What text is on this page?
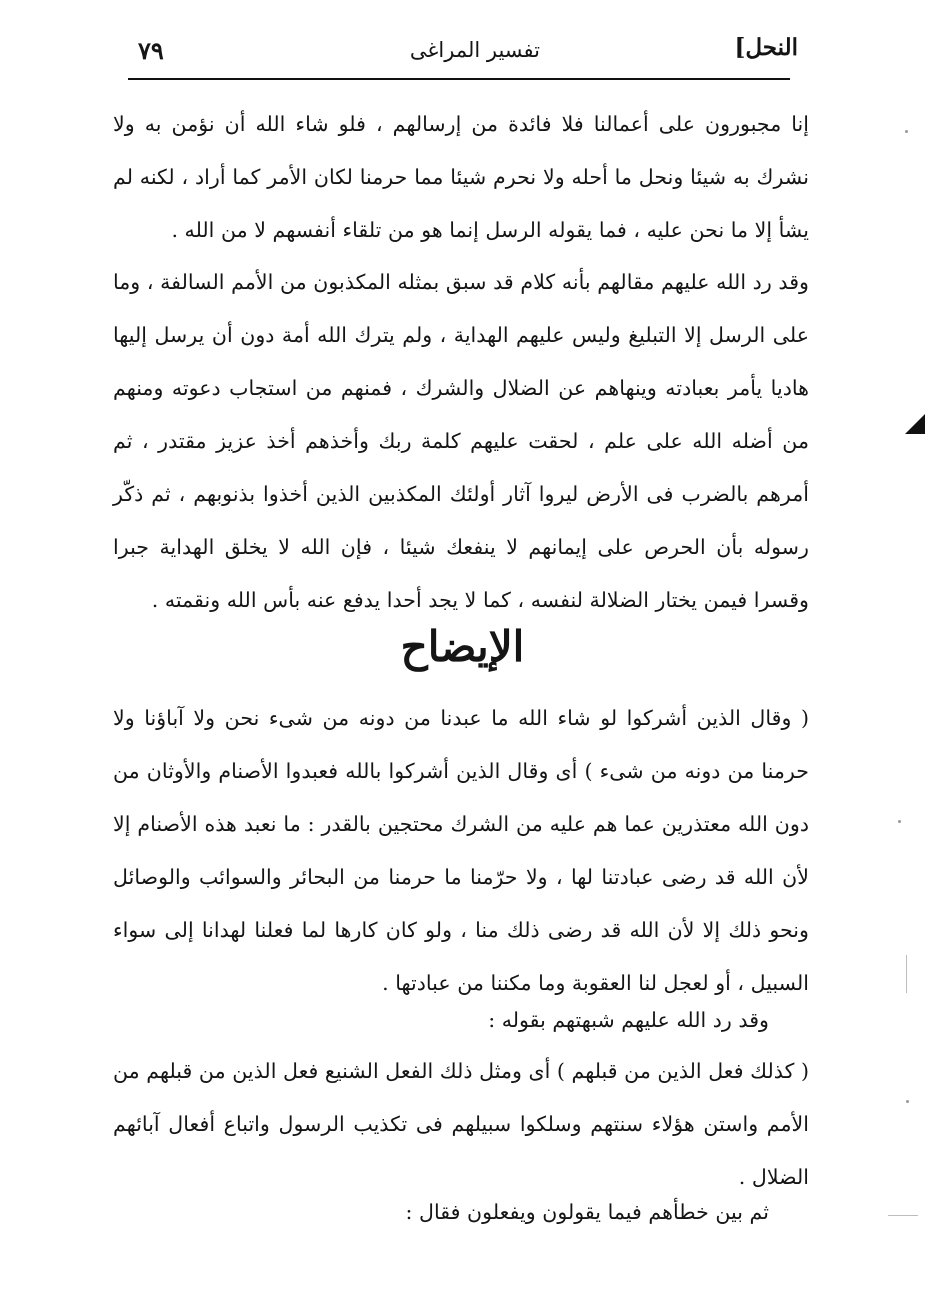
النحل]
تفسير المراغى
٧٩
إنا مجبورون على أعمالنا فلا فائدة من إرسالهم ، فلو شاء الله أن نؤمن به ولا نشرك به شيئا ونحل ما أحله ولا نحرم شيئا مما حرمنا لكان الأمر كما أراد ، لكنه لم يشأ إلا ما نحن عليه ، فما يقوله الرسل إنما هو من تلقاء أنفسهم لا من الله .
وقد رد الله عليهم مقالهم بأنه كلام قد سبق بمثله المكذبون من الأمم السالفة ، وما على الرسل إلا التبليغ وليس عليهم الهداية ، ولم يترك الله أمة دون أن يرسل إليها هاديا يأمر بعبادته وينهاهم عن الضلال والشرك ، فمنهم من استجاب دعوته ومنهم من أضله الله على علم ، لحقت عليهم كلمة ربك وأخذهم أخذ عزيز مقتدر ، ثم أمرهم بالضرب فى الأرض ليروا آثار أولئك المكذبين الذين أخذوا بذنوبهم ، ثم ذكّر رسوله بأن الحرص على إيمانهم لا ينفعك شيئا ، فإن الله لا يخلق الهداية جبرا وقسرا فيمن يختار الضلالة لنفسه ، كما لا يجد أحدا يدفع عنه بأس الله ونقمته .
الإيضاح
( وقال الذين أشركوا لو شاء الله ما عبدنا من دونه من شىء نحن ولا آباؤنا ولا حرمنا من دونه من شىء ) أى وقال الذين أشركوا بالله فعبدوا الأصنام والأوثان من دون الله معتذرين عما هم عليه من الشرك محتجين بالقدر : ما نعبد هذه الأصنام إلا لأن الله قد رضى عبادتنا لها ، ولا حرّمنا ما حرمنا من البحائر والسوائب والوصائل ونحو ذلك إلا لأن الله قد رضى ذلك منا ، ولو كان كارها لما فعلنا لهدانا إلى سواء السبيل ، أو لعجل لنا العقوبة وما مكننا من عبادتها .
وقد رد الله عليهم شبهتهم بقوله :
( كذلك فعل الذين من قبلهم ) أى ومثل ذلك الفعل الشنيع فعل الذين من قبلهم من الأمم واستن هؤلاء سنتهم وسلكوا سبيلهم فى تكذيب الرسول واتباع أفعال آبائهم الضلال .
ثم بين خطأهم فيما يقولون ويفعلون فقال :
